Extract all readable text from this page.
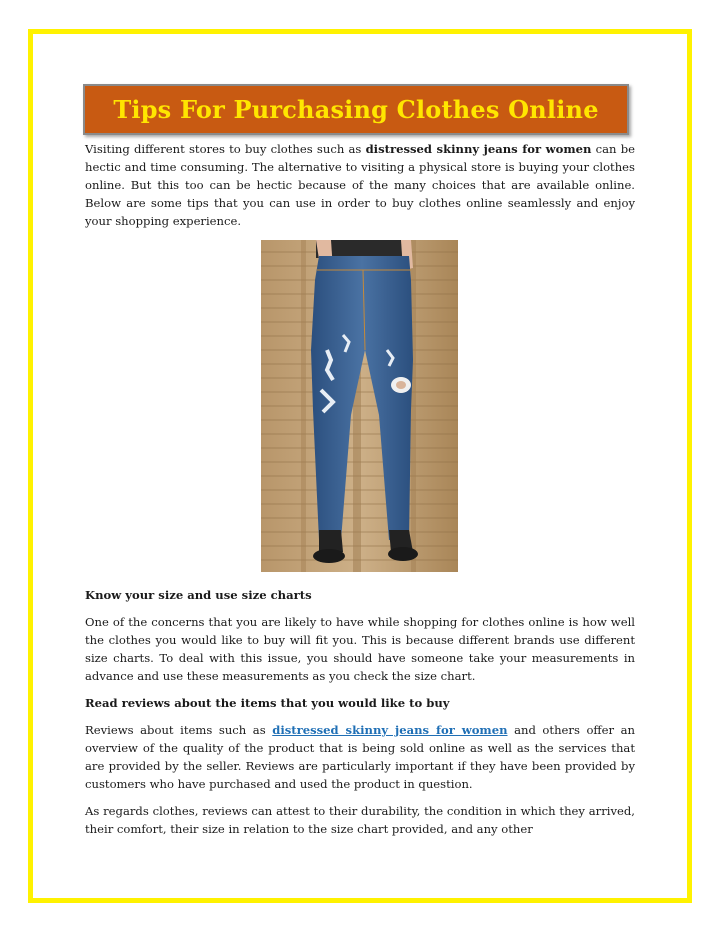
Tips For Purchasing Clothes Online

Visiting different stores to buy clothes such as distressed skinny jeans for women can be hectic and time consuming. The alternative to visiting a physical store is buying your clothes online. But this too can be hectic because of the many choices that are available online. Below are some tips that you can use in order to buy clothes online seamlessly and enjoy your shopping experience.

Know your size and use size charts

One of the concerns that you are likely to have while shopping for clothes online is how well the clothes you would like to buy will fit you. This is because different brands use different size charts. To deal with this issue, you should have someone take your measurements in advance and use these measurements as you check the size chart.

Read reviews about the items that you would like to buy

Reviews about items such as distressed skinny jeans for women and others offer an overview of the quality of the product that is being sold online as well as the services that are provided by the seller. Reviews are particularly important if they have been provided by customers who have purchased and used the product in question.

As regards clothes, reviews can attest to their durability, the condition in which they arrived, their comfort, their size in relation to the size chart provided, and any other
